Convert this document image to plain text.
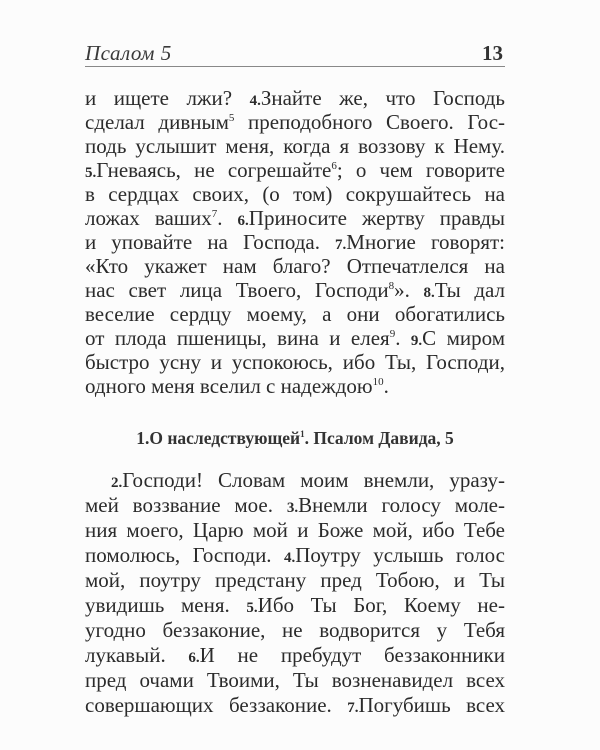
Псалом 5	13
и ищете лжи? 4.Знайте же, что Господь
сделал дивным$^5$ преподобного Своего. Гос-
подь услышит меня, когда я воззову к Нему.
5.Гневаясь, не согрешайте$^6$; о чем говорите
в сердцах своих, (о том) сокрушайтесь на
ложах ваших$^7$. 6.Приносите жертву правды
и уповайте на Господа. 7.Многие говорят:
«Кто укажет нам благо? Отпечатлелся на
нас свет лица Твоего, Господи$^8$». 8.Ты дал
веселие сердцу моему, а они обогатились
от плода пшеницы, вина и елея$^9$. 9.С миром
быстро усну и успокоюсь, ибо Ты, Господи,
одного меня вселил с надеждою$^{10}$.
1.О наследствующей$^1$. Псалом Давида, 5
2.Господи! Словам моим внемли, уразу-
мей воззвание мое. 3.Внемли голосу моле-
ния моего, Царю мой и Боже мой, ибо Тебе
помолюсь, Господи. 4.Поутру услышь голос
мой, поутру предстану пред Тобою, и Ты
увидишь меня. 5.Ибо Ты Бог, Коему не-
угодно беззаконие, не водворится у Тебя
лукавый. 6.И не пребудут беззаконники
пред очами Твоими, Ты возненавидел всех
совершающих беззаконие. 7.Погубишь всех
